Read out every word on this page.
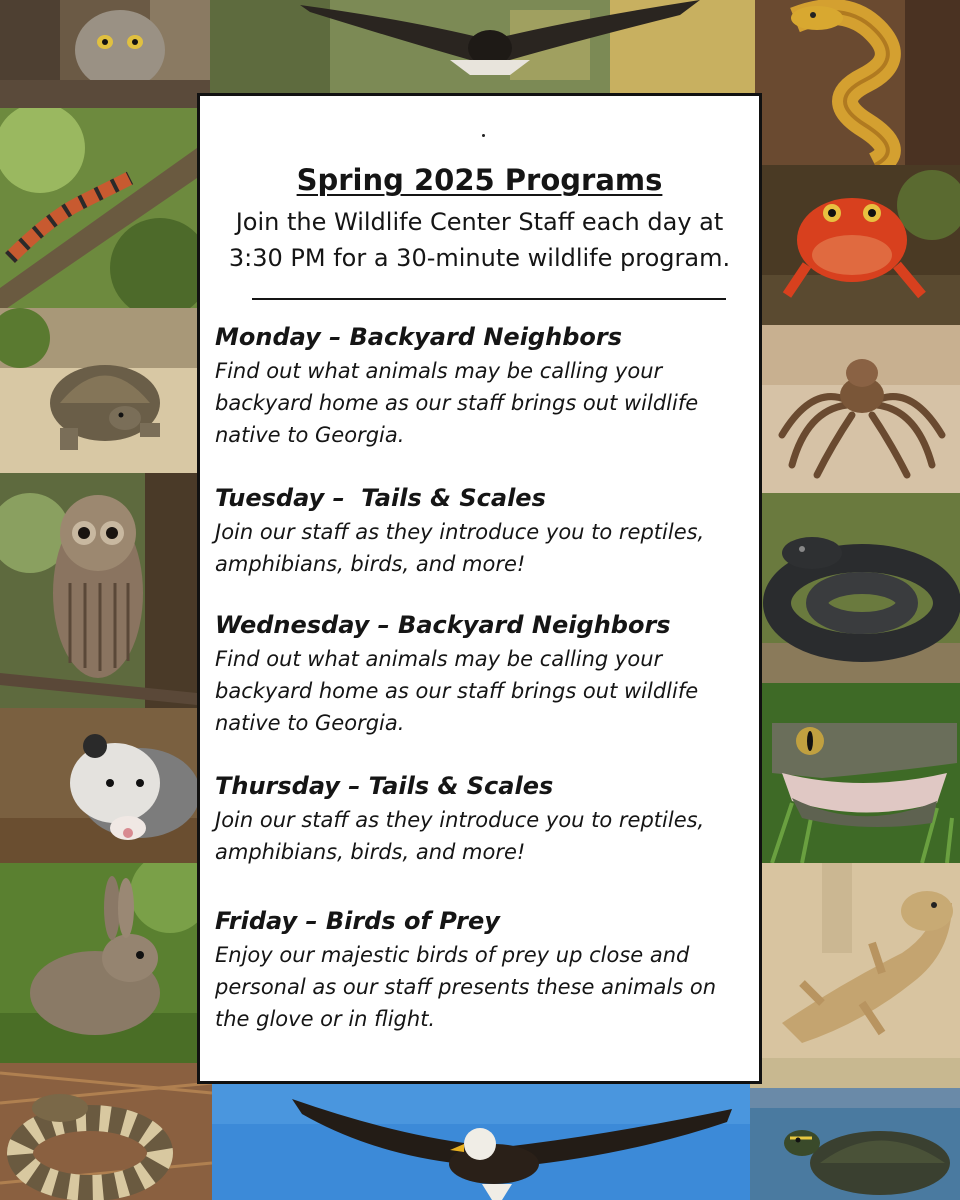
Spring 2025 Programs
Join the Wildlife Center Staff each day at
3:30 PM for a 30-minute wildlife program.
Monday – Backyard Neighbors

Find out what animals may be calling your
backyard home as our staff brings out wildlife
native to Georgia.

Tuesday –  Tails & Scales

Join our staff as they introduce you to reptiles,
amphibians, birds, and more!

Wednesday – Backyard Neighbors

Find out what animals may be calling your
backyard home as our staff brings out wildlife
native to Georgia.

Thursday – Tails & Scales

Join our staff as they introduce you to reptiles,
amphibians, birds, and more!

Friday – Birds of Prey

Enjoy our majestic birds of prey up close and
personal as our staff presents these animals on
the glove or in flight.
